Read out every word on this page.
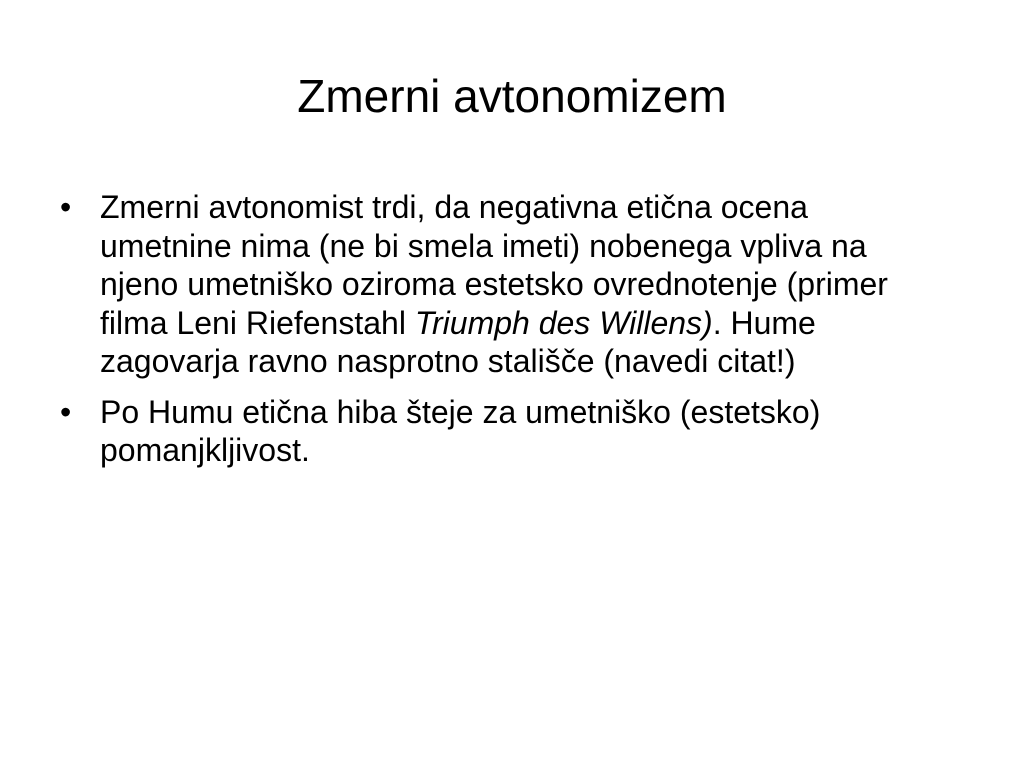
Zmerni avtonomizem
• Zmerni avtonomist trdi, da negativna etična ocena umetnine nima (ne bi smela imeti) nobenega vpliva na njeno umetniško oziroma estetsko ovrednotenje (primer filma Leni Riefenstahl Triumph des Willens). Hume zagovarja ravno nasprotno stališče (navedi citat!)
• Po Humu etična hiba šteje za umetniško (estetsko) pomanjkljivost.
